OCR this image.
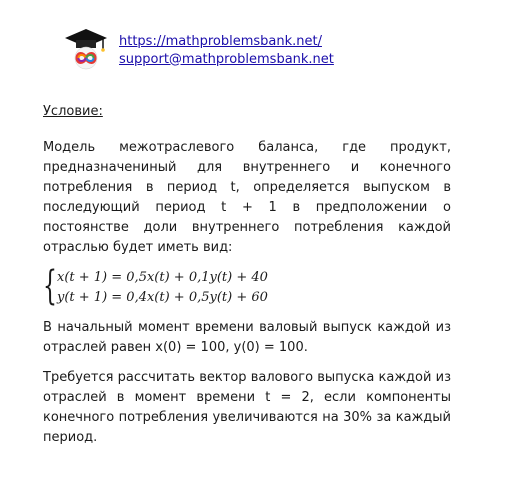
https://mathproblemsbank.net/
support@mathproblemsbank.net
Условие:

Модель межотраслевого баланса, где продукт, предназначениный для внутреннего и конечного потребления в период t, определяется выпуском в последующий период t + 1 в предположении о постоянстве доли внутреннего потребления каждой отраслью будет иметь вид:

{ x(t + 1) = 0,5x(t) + 0,1y(t) + 40
y(t + 1) = 0,4x(t) + 0,5y(t) + 60

В начальный момент времени валовый выпуск каждой из отраслей равен x(0) = 100, y(0) = 100.

Требуется рассчитать вектор валового выпуска каждой из отраслей в момент времени t = 2, если компоненты конечного потребления увеличиваются на 30% за каждый период.
